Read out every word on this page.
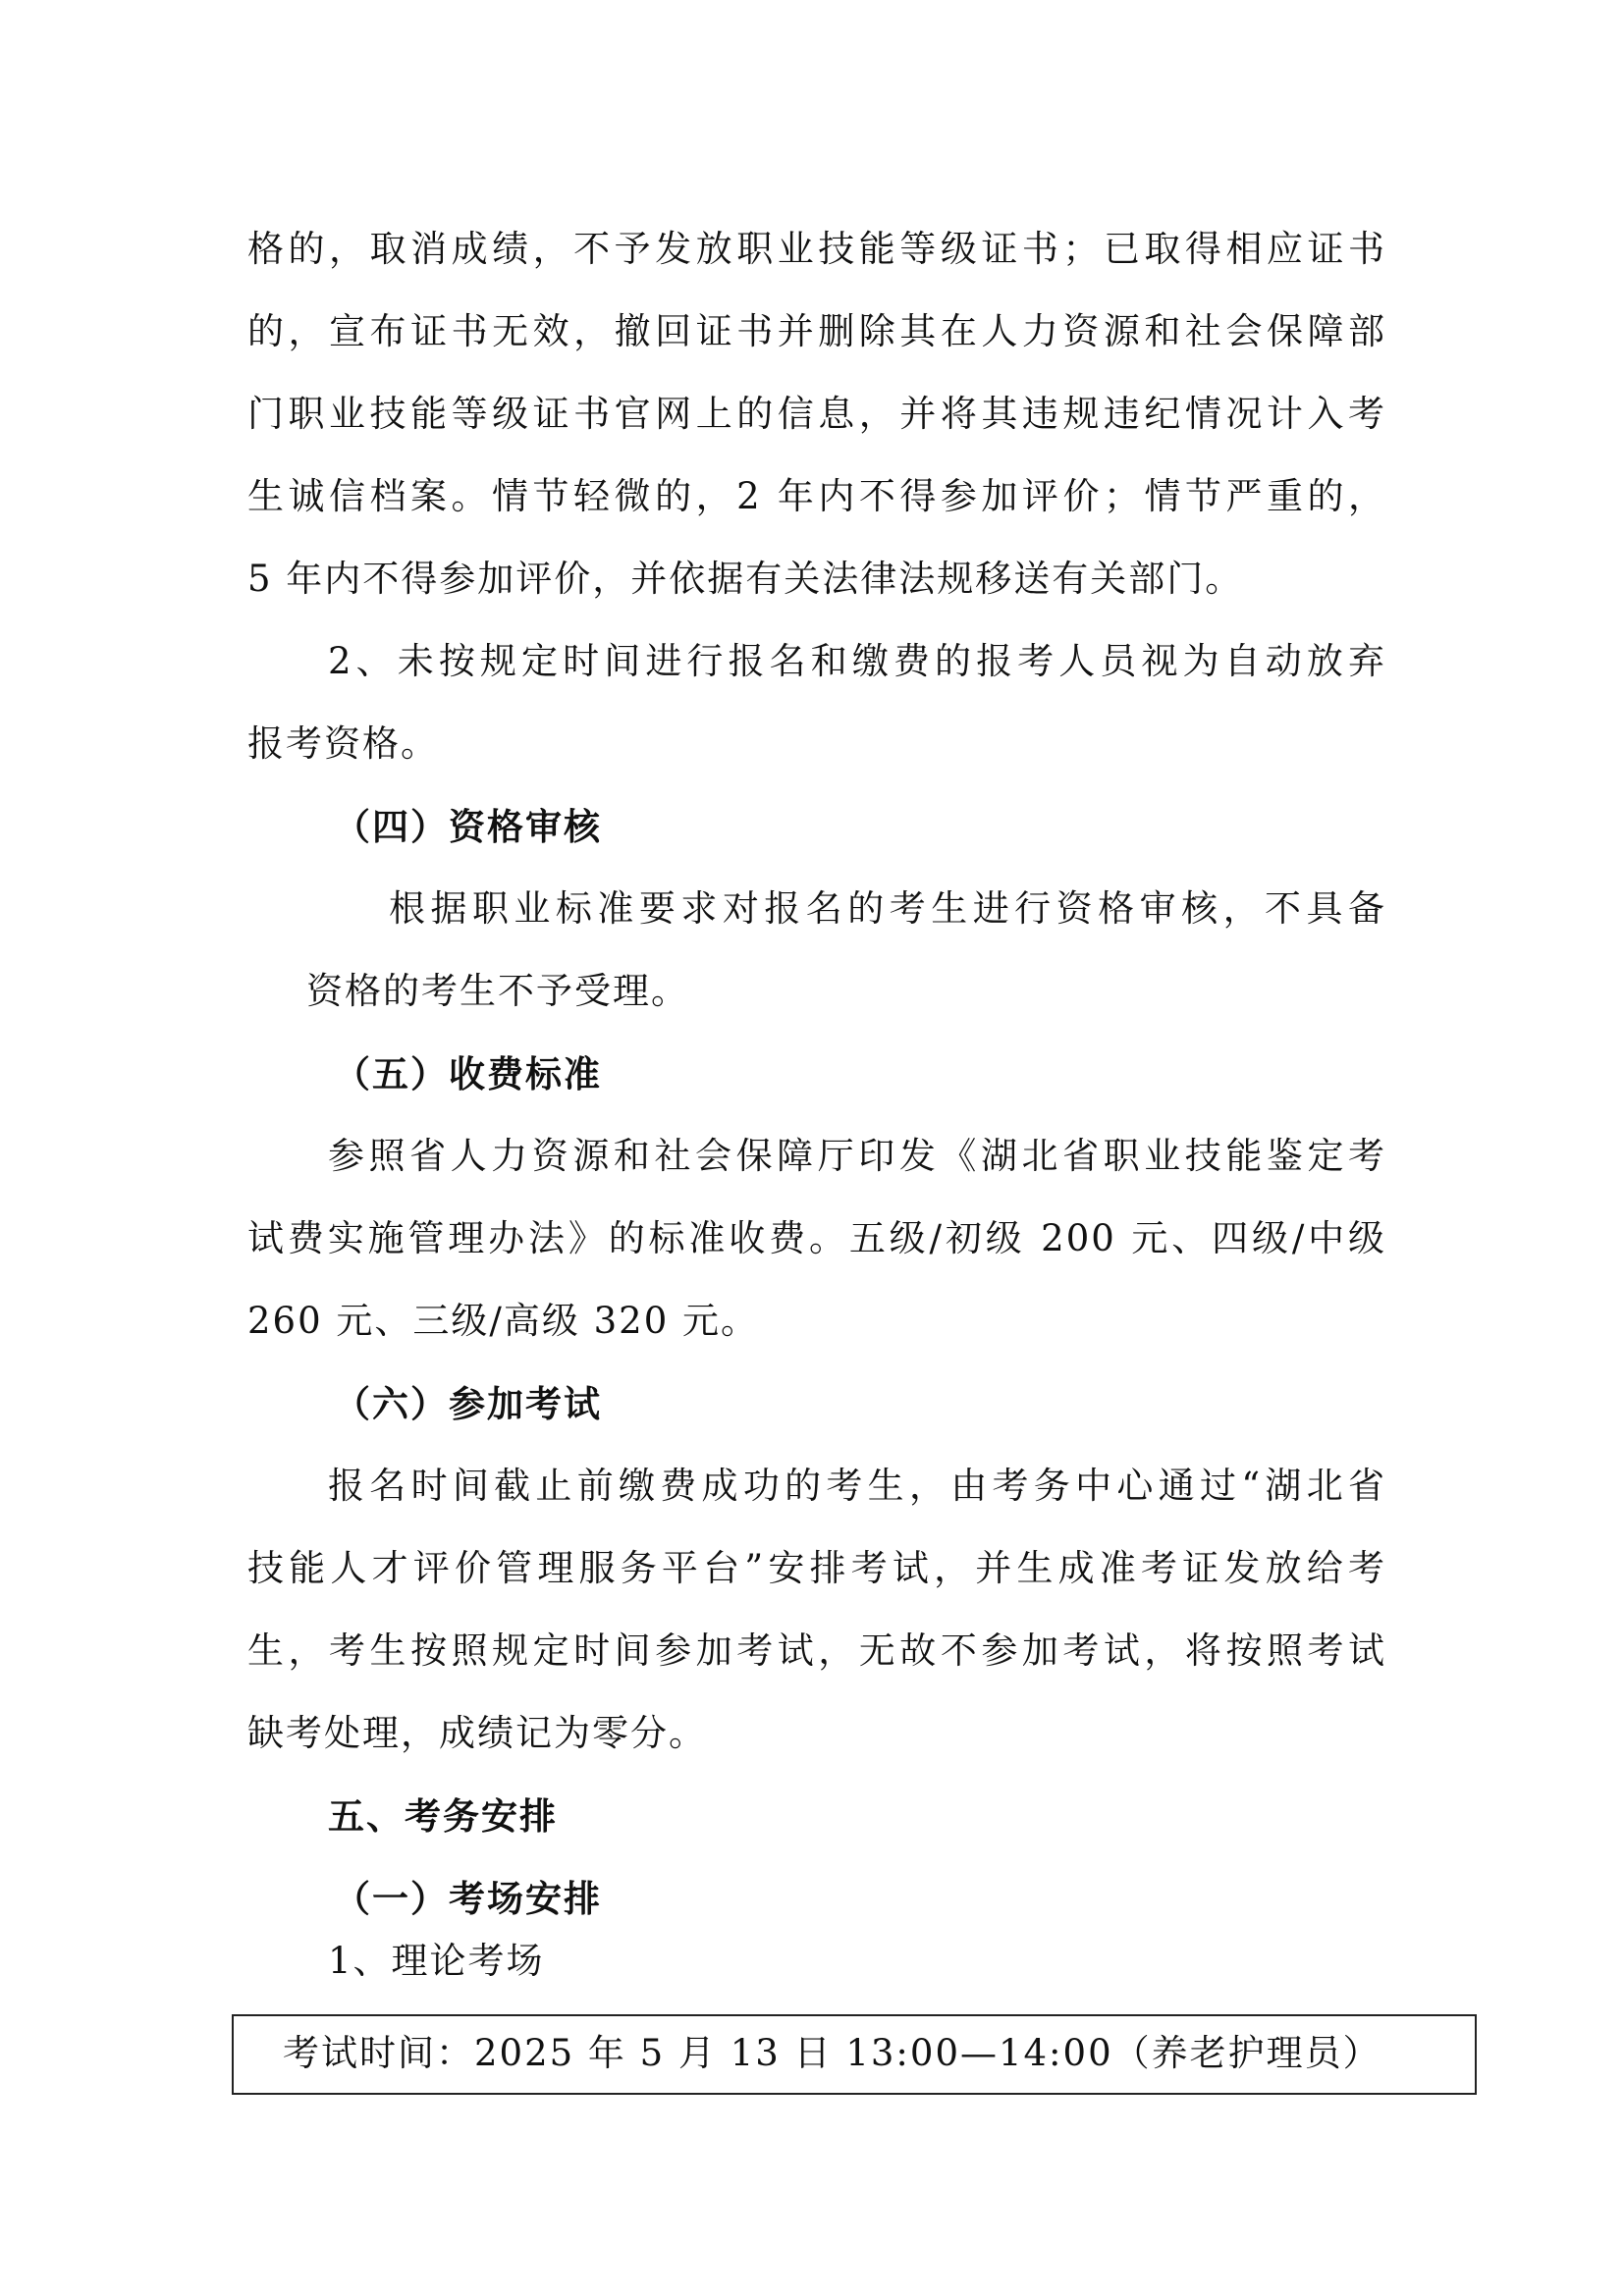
格的，取消成绩，不予发放职业技能等级证书；已取得相应证书
的，宣布证书无效，撤回证书并删除其在人力资源和社会保障部
门职业技能等级证书官网上的信息，并将其违规违纪情况计入考
生诚信档案。情节轻微的，2 年内不得参加评价；情节严重的，
5 年内不得参加评价，并依据有关法律法规移送有关部门。
2、未按规定时间进行报名和缴费的报考人员视为自动放弃
报考资格。
（四）资格审核
根据职业标准要求对报名的考生进行资格审核，不具备
资格的考生不予受理。
（五）收费标准
参照省人力资源和社会保障厅印发《湖北省职业技能鉴定考
试费实施管理办法》的标准收费。五级/初级 200 元、四级/中级
260 元、三级/高级 320 元。
（六）参加考试
报名时间截止前缴费成功的考生，由考务中心通过“湖北省
技能人才评价管理服务平台”安排考试，并生成准考证发放给考
生，考生按照规定时间参加考试，无故不参加考试，将按照考试
缺考处理，成绩记为零分。
五、考务安排
（一）考场安排
1、理论考场
考试时间：2025 年 5 月 13 日 13:00—14:00（养老护理员）
